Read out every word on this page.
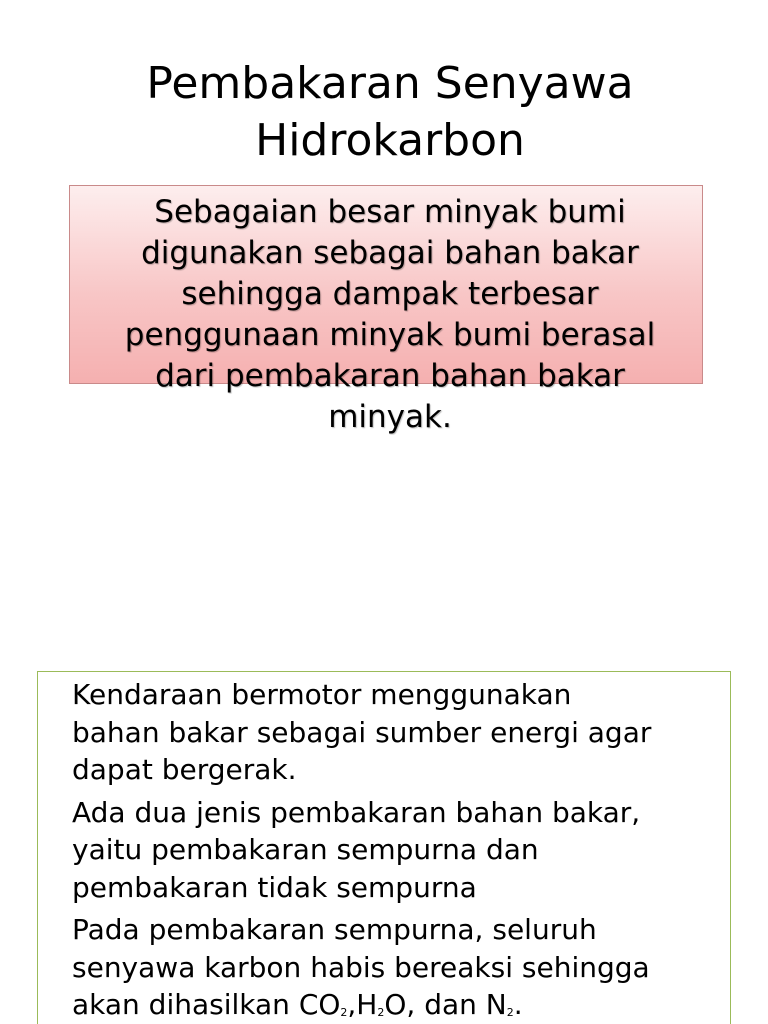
Pembakaran Senyawa
Hidrokarbon

Sebagaian besar minyak bumi
digunakan sebagai bahan bakar
sehingga dampak terbesar
penggunaan minyak bumi berasal
dari pembakaran bahan bakar
minyak.

Kendaraan bermotor menggunakan
bahan bakar sebagai sumber energi agar
dapat bergerak.
Ada dua jenis pembakaran bahan bakar,
yaitu pembakaran sempurna dan
pembakaran tidak sempurna
Pada pembakaran sempurna, seluruh
senyawa karbon habis bereaksi sehingga
akan dihasilkan CO2,H2O, dan N2.
